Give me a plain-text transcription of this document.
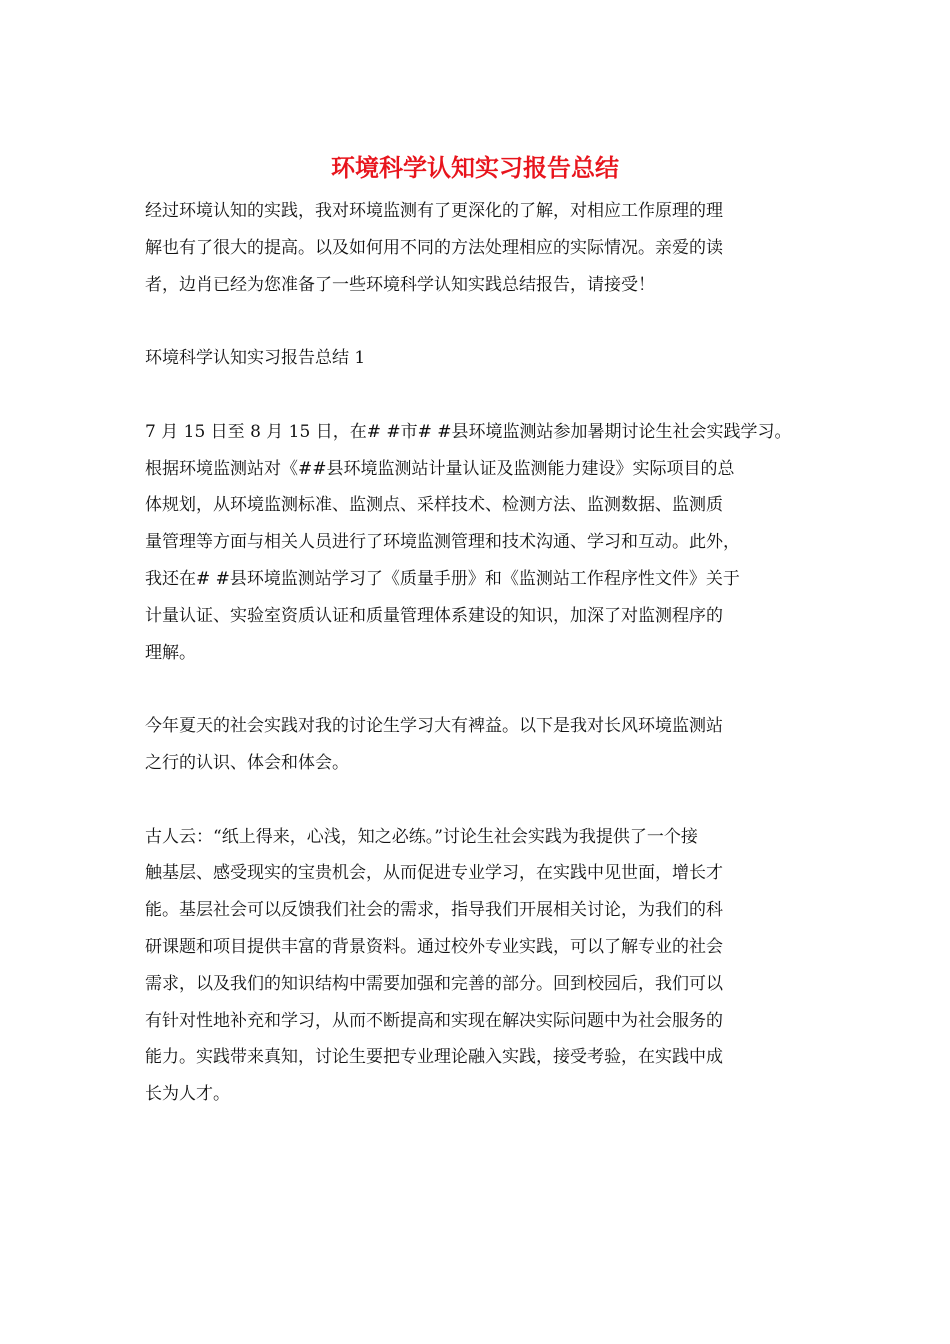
环境科学认知实习报告总结
经过环境认知的实践，我对环境监测有了更深化的了解，对相应工作原理的理
解也有了很大的提高。以及如何用不同的方法处理相应的实际情况。亲爱的读
者，边肖已经为您准备了一些环境科学认知实践总结报告，请接受！
环境科学认知实习报告总结 1
7 月 15 日至 8 月 15 日，在# #市# #县环境监测站参加暑期讨论生社会实践学习。
根据环境监测站对《##县环境监测站计量认证及监测能力建设》实际项目的总
体规划，从环境监测标准、监测点、采样技术、检测方法、监测数据、监测质
量管理等方面与相关人员进行了环境监测管理和技术沟通、学习和互动。此外，
我还在# #县环境监测站学习了《质量手册》和《监测站工作程序性文件》关于
计量认证、实验室资质认证和质量管理体系建设的知识，加深了对监测程序的
理解。
今年夏天的社会实践对我的讨论生学习大有裨益。以下是我对长风环境监测站
之行的认识、体会和体会。
古人云：“纸上得来，心浅，知之必练。”讨论生社会实践为我提供了一个接
触基层、感受现实的宝贵机会，从而促进专业学习，在实践中见世面，增长才
能。基层社会可以反馈我们社会的需求，指导我们开展相关讨论，为我们的科
研课题和项目提供丰富的背景资料。通过校外专业实践，可以了解专业的社会
需求，以及我们的知识结构中需要加强和完善的部分。回到校园后，我们可以
有针对性地补充和学习，从而不断提高和实现在解决实际问题中为社会服务的
能力。实践带来真知，讨论生要把专业理论融入实践，接受考验，在实践中成
长为人才。
